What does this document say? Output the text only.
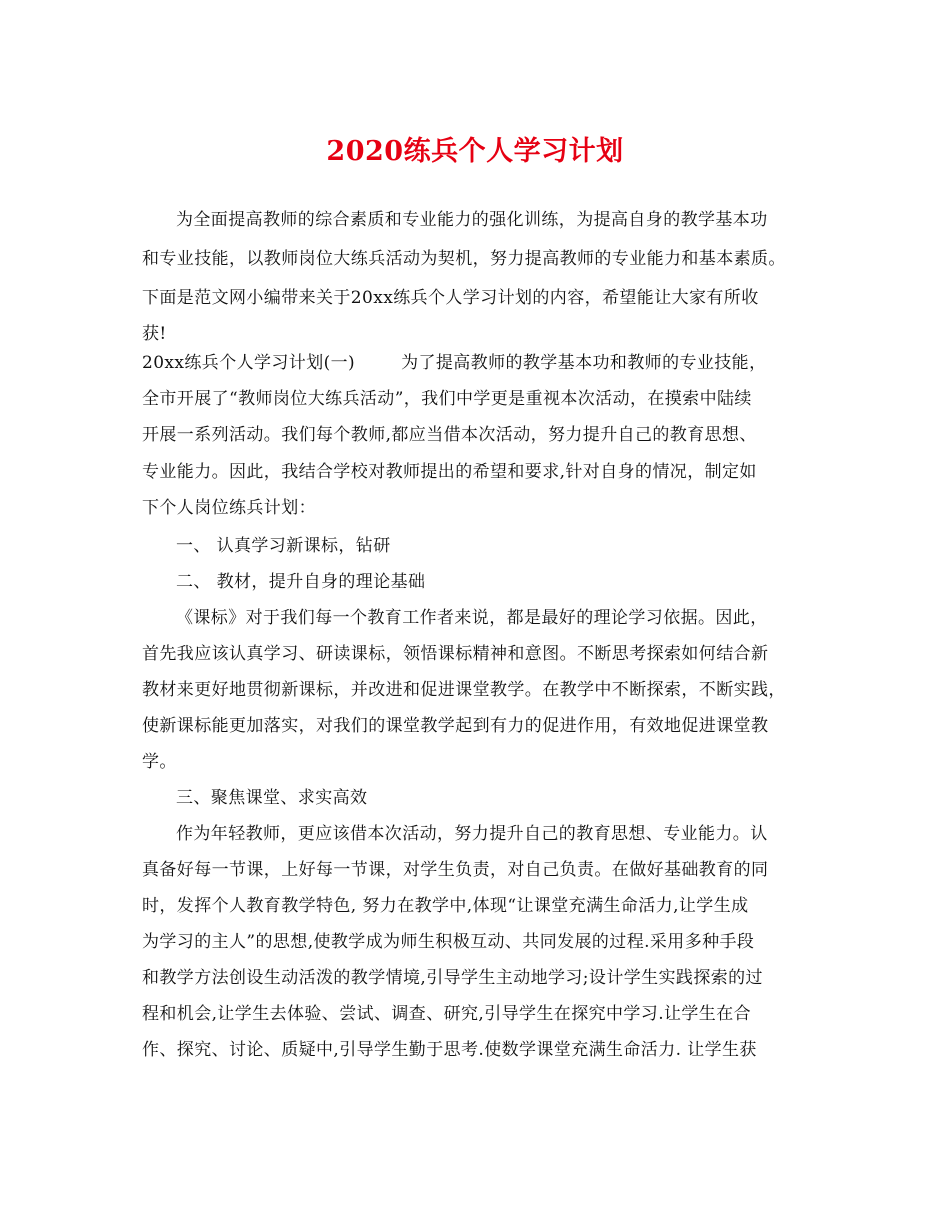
2020练兵个人学习计划
为全面提高教师的综合素质和专业能力的强化训练，为提高自身的教学基本功
和专业技能，以教师岗位大练兵活动为契机，努力提高教师的专业能力和基本素质。
下面是范文网小编带来关于20xx练兵个人学习计划的内容，希望能让大家有所收
获!
20xx练兵个人学习计划(一)	为了提高教师的教学基本功和教师的专业技能，
全市开展了“教师岗位大练兵活动”，我们中学更是重视本次活动，在摸索中陆续
开展一系列活动。我们每个教师,都应当借本次活动，努力提升自己的教育思想、
专业能力。因此，我结合学校对教师提出的希望和要求,针对自身的情况，制定如
下个人岗位练兵计划：
一、 认真学习新课标，钻研
二、 教材，提升自身的理论基础
《课标》对于我们每一个教育工作者来说，都是最好的理论学习依据。因此，
首先我应该认真学习、研读课标，领悟课标精神和意图。不断思考探索如何结合新
教材来更好地贯彻新课标，并改进和促进课堂教学。在教学中不断探索，不断实践，
使新课标能更加落实，对我们的课堂教学起到有力的促进作用，有效地促进课堂教
学。
三、聚焦课堂、求实高效
作为年轻教师，更应该借本次活动，努力提升自己的教育思想、专业能力。认
真备好每一节课，上好每一节课，对学生负责，对自己负责。在做好基础教育的同
时，发挥个人教育教学特色, 努力在教学中,体现“让课堂充满生命活力,让学生成
为学习的主人”的思想,使教学成为师生积极互动、共同发展的过程.采用多种手段
和教学方法创设生动活泼的教学情境,引导学生主动地学习;设计学生实践探索的过
程和机会,让学生去体验、尝试、调查、研究,引导学生在探究中学习.让学生在合
作、探究、讨论、质疑中,引导学生勤于思考.使数学课堂充满生命活力. 让学生获
